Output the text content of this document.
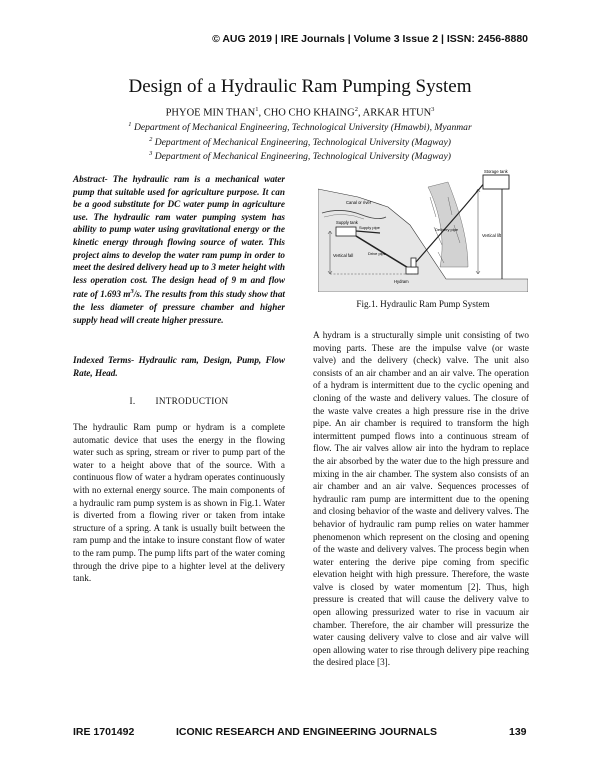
© AUG 2019 | IRE Journals | Volume 3 Issue 2 | ISSN: 2456-8880
Design of a Hydraulic Ram Pumping System
PHYOE MIN THAN$^1$, CHO CHO KHAING$^2$, ARKAR HTUN$^3$
$^1$ Department of Mechanical Engineering, Technological University (Hmawbi), Myanmar
$^2$ Department of Mechanical Engineering, Technological University (Magway)
$^3$ Department of Mechanical Engineering, Technological University (Magway)

Abstract- The hydraulic ram is a mechanical water pump that suitable used for agriculture purpose. It can be a good substitute for DC water pump in agriculture use. The hydraulic ram water pumping system has ability to pump water using gravitational energy or the kinetic energy through flowing source of water. This project aims to develop the water ram pump in order to meet the desired delivery head up to 3 meter height with less operation cost. The design head of 9 m and flow rate of 1.693 $m^3/s$. The results from this study show that the less diameter of pressure chamber and higher supply head will create higher pressure.

Indexed Terms- Hydraulic ram, Design, Pump, Flow Rate, Head.

I. INTRODUCTION

The hydraulic Ram pump or hydram is a complete automatic device that uses the energy in the flowing water such as spring, stream or river to pump part of the water to a height above that of the source. With a continuous flow of water a hydram operates continuously with no external energy source. The main components of a hydraulic ram pump system is as shown in Fig.1. Water is diverted from a flowing river or taken from intake structure of a spring. A tank is usually built between the ram pump and the intake to insure constant flow of water to the ram pump. The pump lifts part of the water coming through the drive pipe to a highter level at the delivery tank.

Storage tank
Canal or river
Supply tank
Supply pipe
Drive pipe
Delivery pipe
Vertical lift
Vertical fall
Hydram
Fig.1. Hydraulic Ram Pump System

A hydram is a structurally simple unit consisting of two moving parts. These are the impulse valve (or waste valve) and the delivery (check) valve. The unit also consists of an air chamber and an air valve. The operation of a hydram is intermittent due to the cyclic opening and cloning of the waste and delivery values. The closure of the waste valve creates a high pressure rise in the drive pipe. An air chamber is required to transform the high intermittent pumped flows into a continuous stream of flow. The air valves allow air into the hydram to replace the air absorbed by the water due to the high pressure and mixing in the air chamber. The system also consists of an air chamber and an air valve. Sequences processes of hydraulic ram pump are intermittent due to the opening and closing behavior of the waste and delivery valves. The behavior of hydraulic ram pump relies on water hammer phenomenon which represent on the closing and opening of the waste and delivery valves. The process begin when water entering the derive pipe coming from specific elevation height with high pressure. Therefore, the waste valve is closed by water momentum [2]. Thus, high pressure is created that will cause the delivery valve to open allowing pressurized water to rise in vacuum air chamber. Therefore, the air chamber will pressurize the water causing delivery valve to close and air valve will open allowing water to rise through delivery pipe reaching the desired place [3].

IRE 1701492	ICONIC RESEARCH AND ENGINEERING JOURNALS	139
